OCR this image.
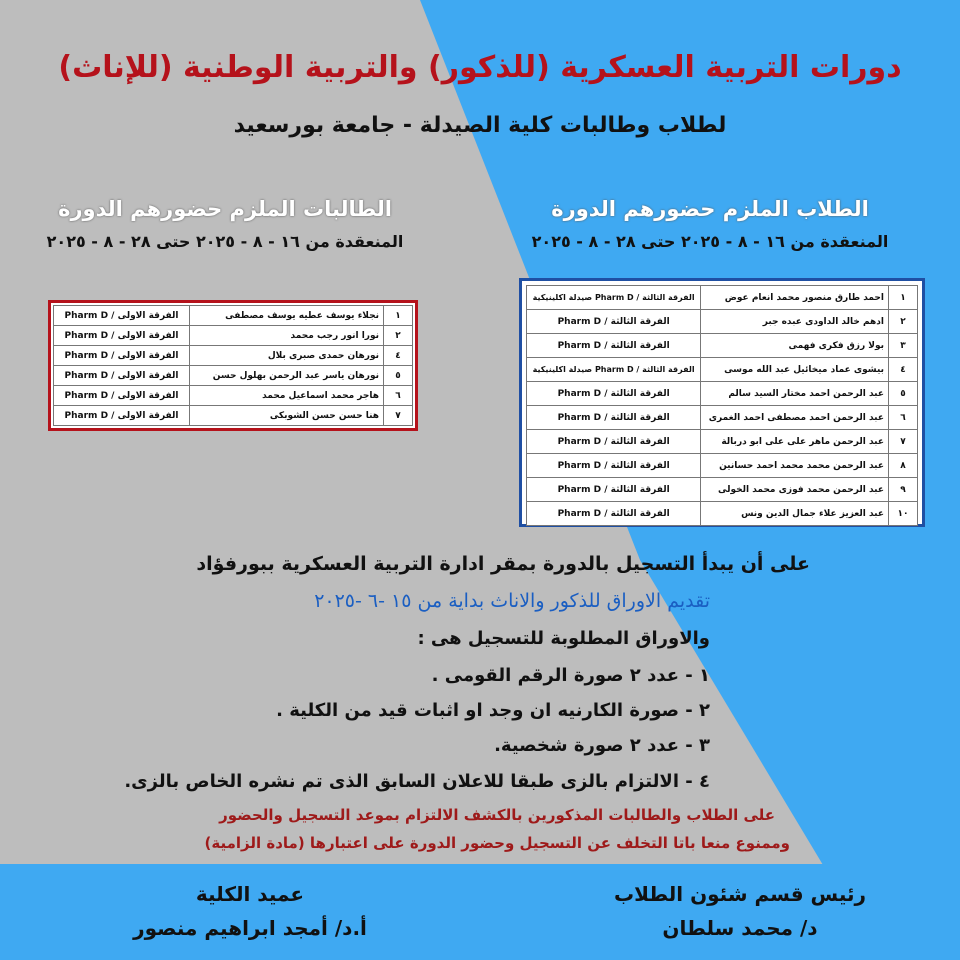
دورات التربية العسكرية (للذكور) والتربية الوطنية (للإناث)
لطلاب وطالبات كلية الصيدلة - جامعة بورسعيد
الطلاب الملزم حضورهم الدورة
المنعقدة من ١٦ - ٨ - ٢٠٢٥ حتى ٢٨ - ٨ - ٢٠٢٥
١	احمد طارق منصور محمد انعام عوض	الفرقة الثالثة / Pharm D صيدلة اكلينيكية
٢	ادهم خالد الداودى عبده جبر	الفرقة الثالثة / Pharm D
٣	بولا رزق فكرى فهمى	الفرقة الثالثة / Pharm D
٤	بيشوى عماد ميخائيل عبد الله موسى	الفرقة الثالثة / Pharm D صيدلة اكلينيكية
٥	عبد الرحمن احمد مختار السيد سالم	الفرقة الثالثة / Pharm D
٦	عبد الرحمن احمد مصطفى احمد الغمرى	الفرقة الثالثة / Pharm D
٧	عبد الرحمن ماهر على على ابو دربالة	الفرقة الثالثة / Pharm D
٨	عبد الرحمن محمد محمد احمد حسانين	الفرقة الثالثة / Pharm D
٩	عبد الرحمن محمد فوزى محمد الخولى	الفرقة الثالثة / Pharm D
١٠	عبد العزيز علاء جمال الدين ونس	الفرقة الثالثة / Pharm D
الطالبات الملزم حضورهم الدورة
المنعقدة من ١٦ - ٨ - ٢٠٢٥ حتى ٢٨ - ٨ - ٢٠٢٥
١	نجلاء يوسف عطيه يوسف مصطفى	الفرقة الاولى / Pharm D
٢	نورا انور رجب محمد	الفرقة الاولى / Pharm D
٤	نورهان حمدى صبرى بلال	الفرقة الاولى / Pharm D
٥	نورهان ياسر عبد الرحمن بهلول حسن	الفرقة الاولى / Pharm D
٦	هاجر محمد اسماعيل محمد	الفرقة الاولى / Pharm D
٧	هنا حسن حسن الشوبكى	الفرقة الاولى / Pharm D
على أن يبدأ التسجيل بالدورة بمقر ادارة التربية العسكرية ببورفؤاد
تقديم الاوراق للذكور والاناث بداية من ١٥ -٦ -٢٠٢٥
والاوراق المطلوبة للتسجيل هى :
١ - عدد ٢ صورة الرقم القومى .
٢ - صورة الكارنيه ان وجد او اثبات قيد من الكلية .
٣ - عدد ٢ صورة شخصية.
٤ - الالتزام بالزى طبقا للاعلان السابق الذى تم نشره الخاص بالزى.
على الطلاب والطالبات المذكورين بالكشف الالتزام بموعد التسجيل والحضور
وممنوع منعا باتا التخلف عن التسجيل وحضور الدورة على اعتبارها (مادة الزامية)
رئيس قسم شئون الطلاب
د/ محمد سلطان
عميد الكلية
أ.د/ أمجد ابراهيم منصور
